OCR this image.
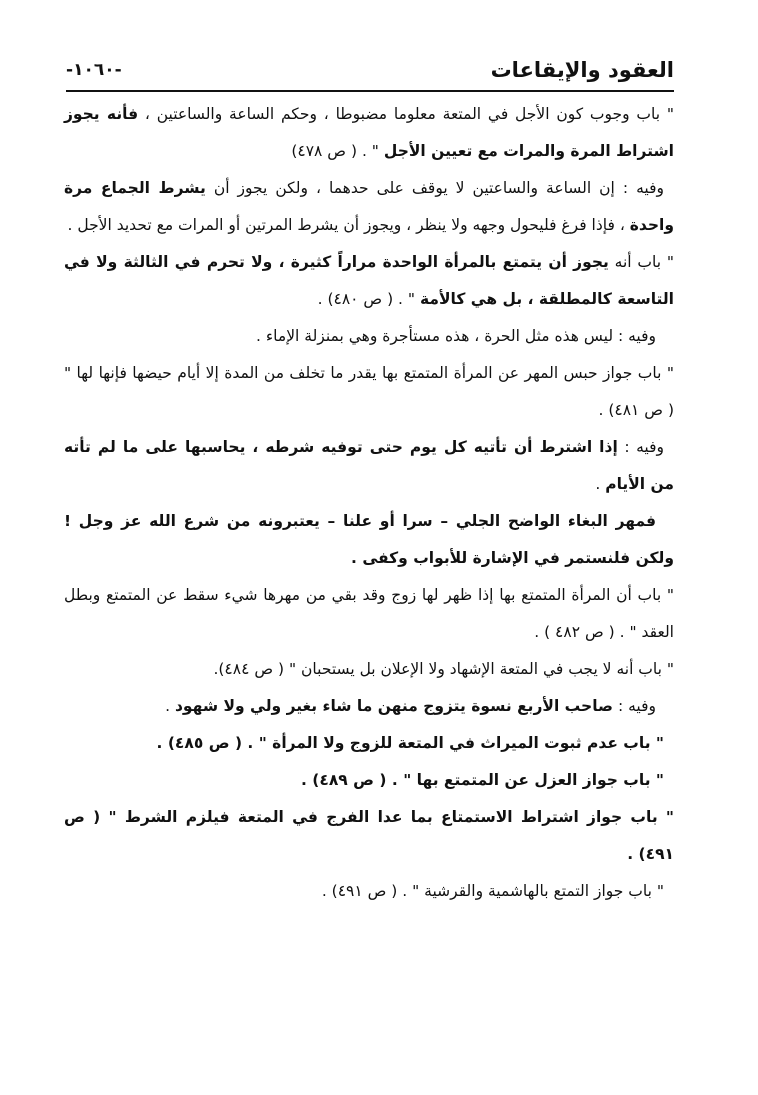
العقود والإيقاعات
-١٠٦٠-

" باب وجوب كون الأجل في المتعة معلوما مضبوطا ، وحكم الساعة والساعتين ، فأنه يجوز اشتراط المرة والمرات مع تعيين الأجل " . ( ص ٤٧٨)

وفيه : إن الساعة والساعتين لا يوقف على حدهما ، ولكن يجوز أن يشرط الجماع مرة واحدة ، فإذا فرغ فليحول وجهه ولا ينظر ، ويجوز أن يشرط المرتين أو المرات مع تحديد الأجل .

" باب أنه يجوز أن يتمتع بالمرأة الواحدة مراراً كثيرة ، ولا تحرم في الثالثة ولا في التاسعة كالمطلقة ، بل هي كالأمة " . ( ص ٤٨٠) .

وفيه : ليس هذه مثل الحرة ، هذه مستأجرة وهي بمنزلة الإماء .

" باب جواز حبس المهر عن المرأة المتمتع بها يقدر ما تخلف من المدة إلا أيام حيضها فإنها لها " ( ص ٤٨١) .

وفيه : إذا اشترط أن تأتيه كل يوم حتى توفيه شرطه ، يحاسبها على ما لم تأته من الأيام .

فمهر البغاء الواضح الجلي – سرا أو علنا – يعتبرونه من شرع الله عز وجل ! ولكن فلنستمر في الإشارة للأبواب وكفى .

" باب أن المرأة المتمتع بها إذا ظهر لها زوج وقد بقي من مهرها شيء سقط عن المتمتع وبطل العقد " . ( ص ٤٨٢ ) .

" باب أنه لا يجب في المتعة الإشهاد ولا الإعلان بل يستحبان " ( ص ٤٨٤).

وفيه : صاحب الأربع نسوة يتزوج منهن ما شاء بغير ولي ولا شهود .

" باب عدم ثبوت الميراث في المتعة للزوج ولا المرأة " . ( ص ٤٨٥) .

" باب جواز العزل عن المتمتع بها " . ( ص ٤٨٩) .

" باب جواز اشتراط الاستمتاع بما عدا الفرج في المتعة فيلزم الشرط " ( ص ٤٩١) .

" باب جواز التمتع بالهاشمية والقرشية " . ( ص ٤٩١) .
